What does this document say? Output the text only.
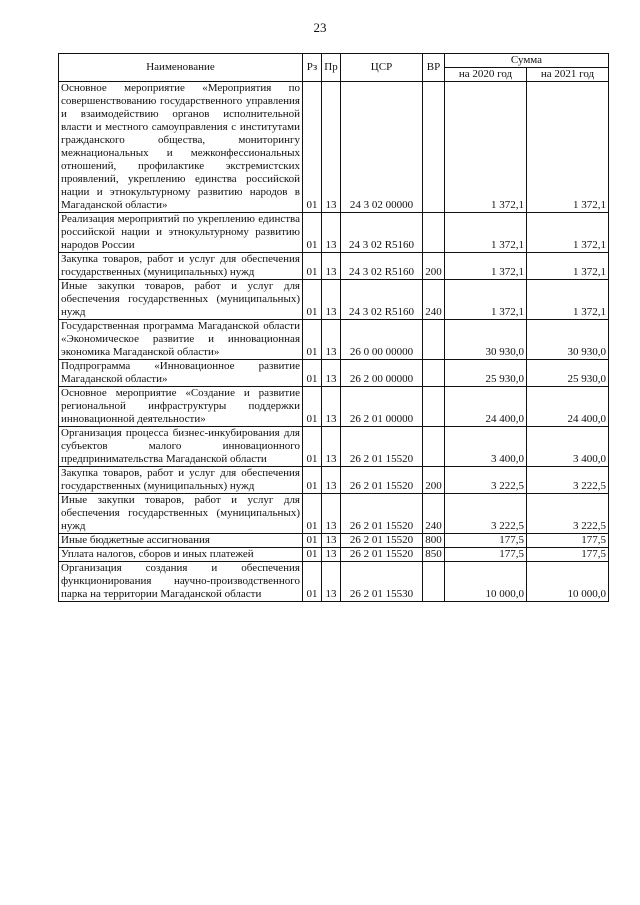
23
Наименование	Рз	Пр	ЦСР	ВР	Сумма	
					на 2020 год	на 2021 год
Основное мероприятие «Мероприятия по совершенствованию государственного управления и взаимодействию органов исполнительной власти и местного самоуправления с институтами гражданского общества, мониторингу межнациональных и межконфессиональных отношений, профилактике экстремистских проявлений, укреплению единства российской нации и этнокультурному развитию народов в Магаданской области»	01	13	24 3 02 00000		1 372,1	1 372,1
Реализация мероприятий по укреплению единства российской нации и этнокультурному развитию народов России	01	13	24 3 02 R5160		1 372,1	1 372,1
Закупка товаров, работ и услуг для обеспечения государственных (муниципальных) нужд	01	13	24 3 02 R5160	200	1 372,1	1 372,1
Иные закупки товаров, работ и услуг для обеспечения государственных (муниципальных) нужд	01	13	24 3 02 R5160	240	1 372,1	1 372,1
Государственная программа Магаданской области «Экономическое развитие и инновационная экономика Магаданской области»	01	13	26 0 00 00000		30 930,0	30 930,0
Подпрограмма «Инновационное развитие Магаданской области»	01	13	26 2 00 00000		25 930,0	25 930,0
Основное мероприятие «Создание и развитие региональной инфраструктуры поддержки инновационной деятельности»	01	13	26 2 01 00000		24 400,0	24 400,0
Организация процесса бизнес-инкубирования для субъектов малого инновационного предпринимательства Магаданской области	01	13	26 2 01 15520		3 400,0	3 400,0
Закупка товаров, работ и услуг для обеспечения государственных (муниципальных) нужд	01	13	26 2 01 15520	200	3 222,5	3 222,5
Иные закупки товаров, работ и услуг для обеспечения государственных (муниципальных) нужд	01	13	26 2 01 15520	240	3 222,5	3 222,5
Иные бюджетные ассигнования	01	13	26 2 01 15520	800	177,5	177,5
Уплата налогов, сборов и иных платежей	01	13	26 2 01 15520	850	177,5	177,5
Организация создания и обеспечения функционирования научно-производственного парка на территории Магаданской области	01	13	26 2 01 15530		10 000,0	10 000,0
